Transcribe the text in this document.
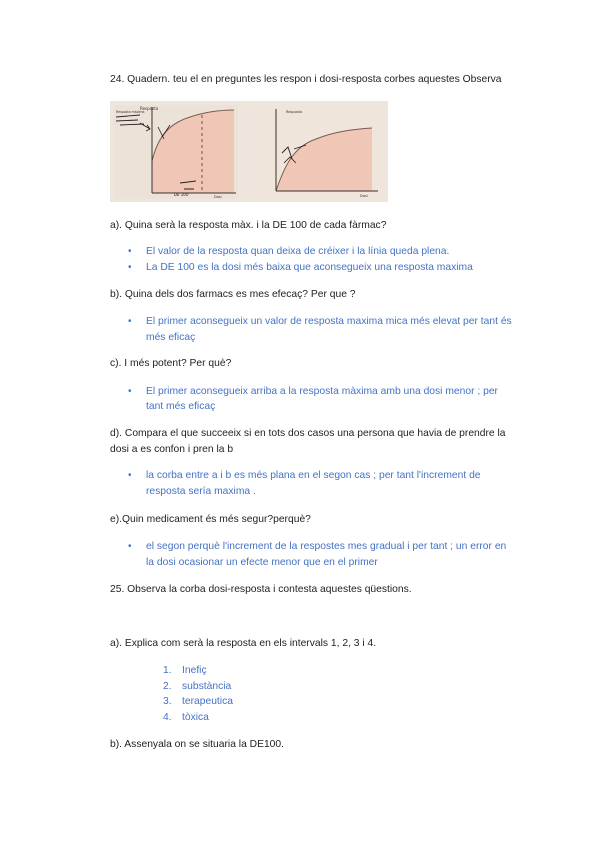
24. Quadern. teu el en preguntes les respon i dosi-resposta corbes aquestes Observa
Resposta
Resposta màxima
DE 100	Dosi
Resposta
Dosi
a). Quina serà la resposta màx. i la DE 100 de cada fàrmac?
• El valor de la resposta quan deixa de créixer i la línia queda plena.
• La DE 100 es la dosi més baixa que aconsegueix una resposta maxima
b). Quina dels dos farmacs es mes efecaç? Per que ?
• El primer aconsegueix un valor de resposta maxima mica més elevat per tant és
més eficaç
c). I més potent? Per què?
• El primer aconsegueix arriba a la resposta màxima amb una dosi menor ; per
tant més eficaç
d). Compara el que succeeix si en tots dos casos una persona que havia de prendre la
dosi a es confon i pren la b
• la corba entre a i b es més plana en el segon cas ; per tant l'increment de
resposta sería maxima .
e).Quin medicament és més segur?perquè?
• el segon perquè l'increment de la respostes mes gradual i per tant ; un error en
la dosi ocasionar un efecte menor que en el primer
25. Observa la corba dosi-resposta i contesta aquestes qüestions.
a). Explica com serà la resposta en els intervals 1, 2, 3 i 4.
1. Inefiç
2. substància
3. terapeutica
4. tòxica
b). Assenyala on se situaria la DE100.
